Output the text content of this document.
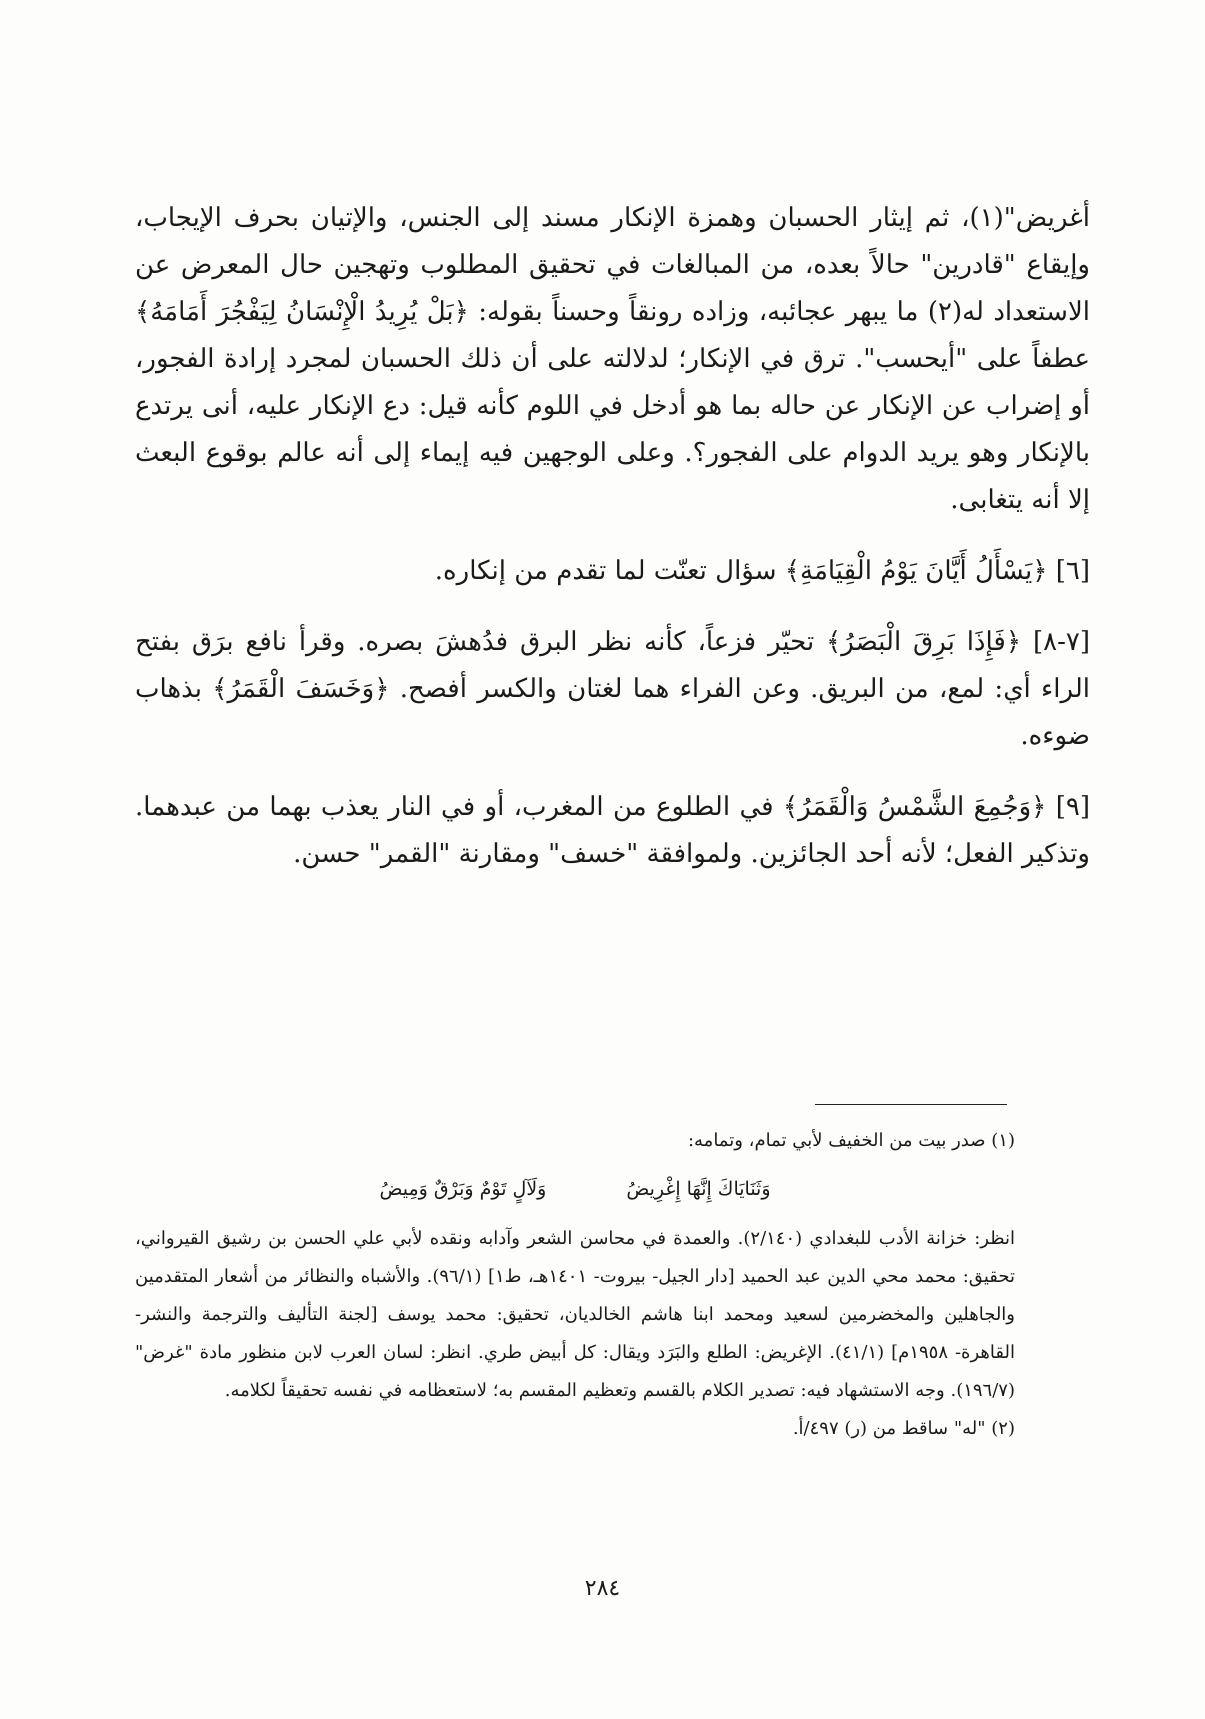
أغريض"(١)، ثم إيثار الحسبان وهمزة الإنكار مسند إلى الجنس، والإتيان بحرف الإيجاب، وإيقاع "قادرين" حالاً بعده، من المبالغات في تحقيق المطلوب وتهجين حال المعرض عن الاستعداد له(٢) ما يبهر عجائبه، وزاده رونقاً وحسناً بقوله: ﴿بَلْ يُرِيدُ الْإِنْسَانُ لِيَفْجُرَ أَمَامَهُ﴾ عطفاً على "أيحسب". ترق في الإنكار؛ لدلالته على أن ذلك الحسبان لمجرد إرادة الفجور، أو إضراب عن الإنكار عن حاله بما هو أدخل في اللوم كأنه قيل: دع الإنكار عليه، أنى يرتدع بالإنكار وهو يريد الدوام على الفجور؟. وعلى الوجهين فيه إيماء إلى أنه عالم بوقوع البعث إلا أنه يتغابى.

[٦] ﴿يَسْأَلُ أَيَّانَ يَوْمُ الْقِيَامَةِ﴾ سؤال تعنّت لما تقدم من إنكاره.

[٧-٨] ﴿فَإِذَا بَرِقَ الْبَصَرُ﴾ تحيّر فزعاً، كأنه نظر البرق فدُهشَ بصره. وقرأ نافع برَق بفتح الراء أي: لمع، من البريق. وعن الفراء هما لغتان والكسر أفصح. ﴿وَخَسَفَ الْقَمَرُ﴾ بذهاب ضوءه.

[٩] ﴿وَجُمِعَ الشَّمْسُ وَالْقَمَرُ﴾ في الطلوع من المغرب، أو في النار يعذب بهما من عبدهما. وتذكير الفعل؛ لأنه أحد الجائزين. ولموافقة "خسف" ومقارنة "القمر" حسن.

(١) صدر بيت من الخفيف لأبي تمام، وتمامه:

وَثَنَايَاكَ إِنَّهَا إِغْرِيضُ
وَلَآلٍ تَوْمٌ وَبَرْقٌ وَمِيضُ

انظر: خزانة الأدب للبغدادي (٢/١٤٠). والعمدة في محاسن الشعر وآدابه ونقده لأبي علي الحسن بن رشيق القيرواني، تحقيق: محمد محي الدين عبد الحميد [دار الجيل- بيروت- ١٤٠١هـ، ط١] (٩٦/١). والأشباه والنظائر من أشعار المتقدمين والجاهلين والمخضرمين لسعيد ومحمد ابنا هاشم الخالديان، تحقيق: محمد يوسف [لجنة التأليف والترجمة والنشر- القاهرة- ١٩٥٨م] (٤١/١). الإغريض: الطلع والبَرَد ويقال: كل أبيض طري. انظر: لسان العرب لابن منظور مادة "غرض" (١٩٦/٧). وجه الاستشهاد فيه: تصدير الكلام بالقسم وتعظيم المقسم به؛ لاستعظامه في نفسه تحقيقاً لكلامه.

(٢) "له" ساقط من (ر) ٤٩٧/أ.

٢٨٤
